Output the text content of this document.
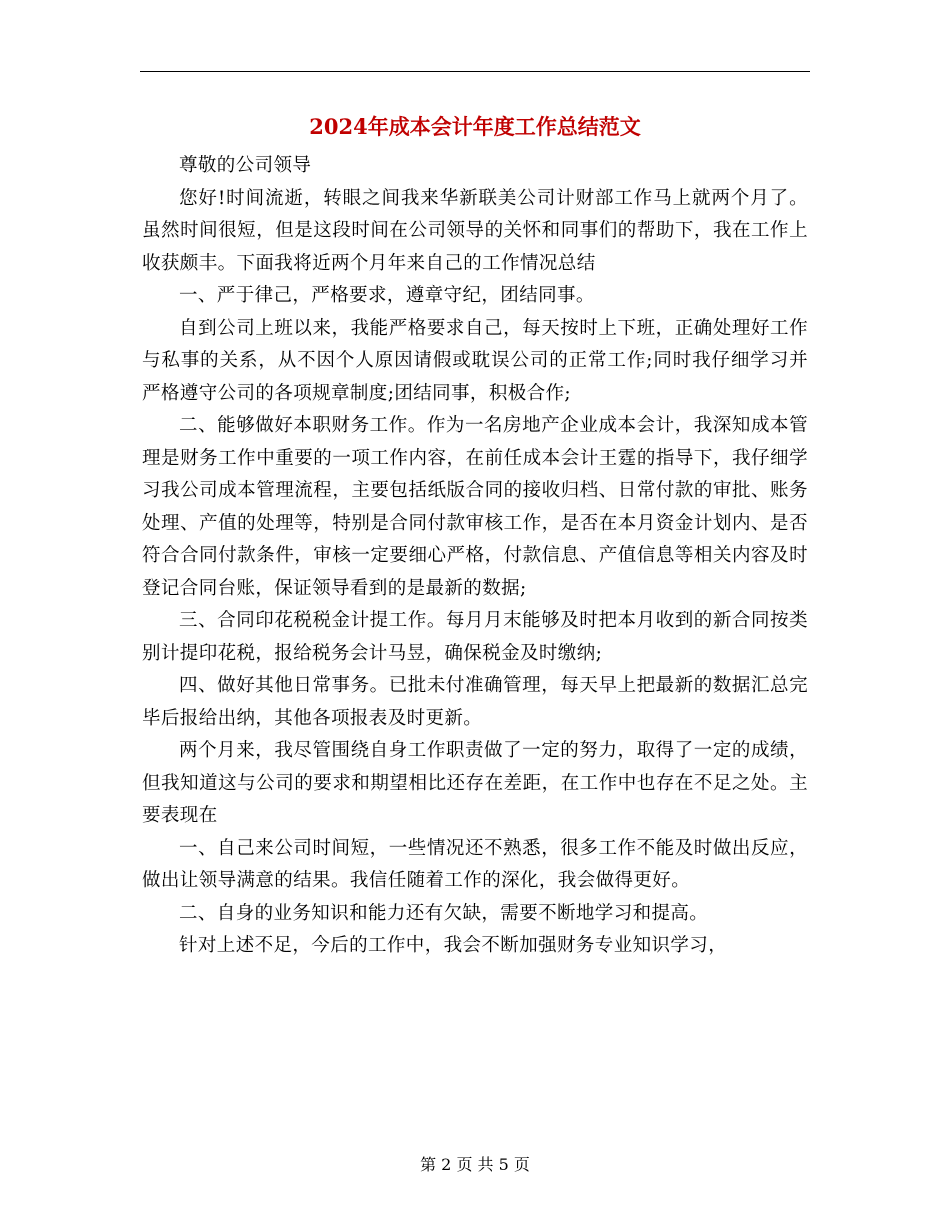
2024年成本会计年度工作总结范文

尊敬的公司领导

您好!时间流逝，转眼之间我来华新联美公司计财部工作马上就两个月了。虽然时间很短，但是这段时间在公司领导的关怀和同事们的帮助下，我在工作上收获颇丰。下面我将近两个月年来自己的工作情况总结

一、严于律己，严格要求，遵章守纪，团结同事。

自到公司上班以来，我能严格要求自己，每天按时上下班，正确处理好工作与私事的关系，从不因个人原因请假或耽误公司的正常工作;同时我仔细学习并严格遵守公司的各项规章制度;团结同事，积极合作;

二、能够做好本职财务工作。作为一名房地产企业成本会计，我深知成本管理是财务工作中重要的一项工作内容，在前任成本会计王霆的指导下，我仔细学习我公司成本管理流程，主要包括纸版合同的接收归档、日常付款的审批、账务处理、产值的处理等，特别是合同付款审核工作，是否在本月资金计划内、是否符合合同付款条件，审核一定要细心严格，付款信息、产值信息等相关内容及时登记合同台账，保证领导看到的是最新的数据;

三、合同印花税税金计提工作。每月月末能够及时把本月收到的新合同按类别计提印花税，报给税务会计马昱，确保税金及时缴纳;

四、做好其他日常事务。已批未付准确管理，每天早上把最新的数据汇总完毕后报给出纳，其他各项报表及时更新。

两个月来，我尽管围绕自身工作职责做了一定的努力，取得了一定的成绩，但我知道这与公司的要求和期望相比还存在差距，在工作中也存在不足之处。主要表现在

一、自己来公司时间短，一些情况还不熟悉，很多工作不能及时做出反应，做出让领导满意的结果。我信任随着工作的深化，我会做得更好。

二、自身的业务知识和能力还有欠缺，需要不断地学习和提高。

针对上述不足，今后的工作中，我会不断加强财务专业知识学习，

第 2 页 共 5 页
